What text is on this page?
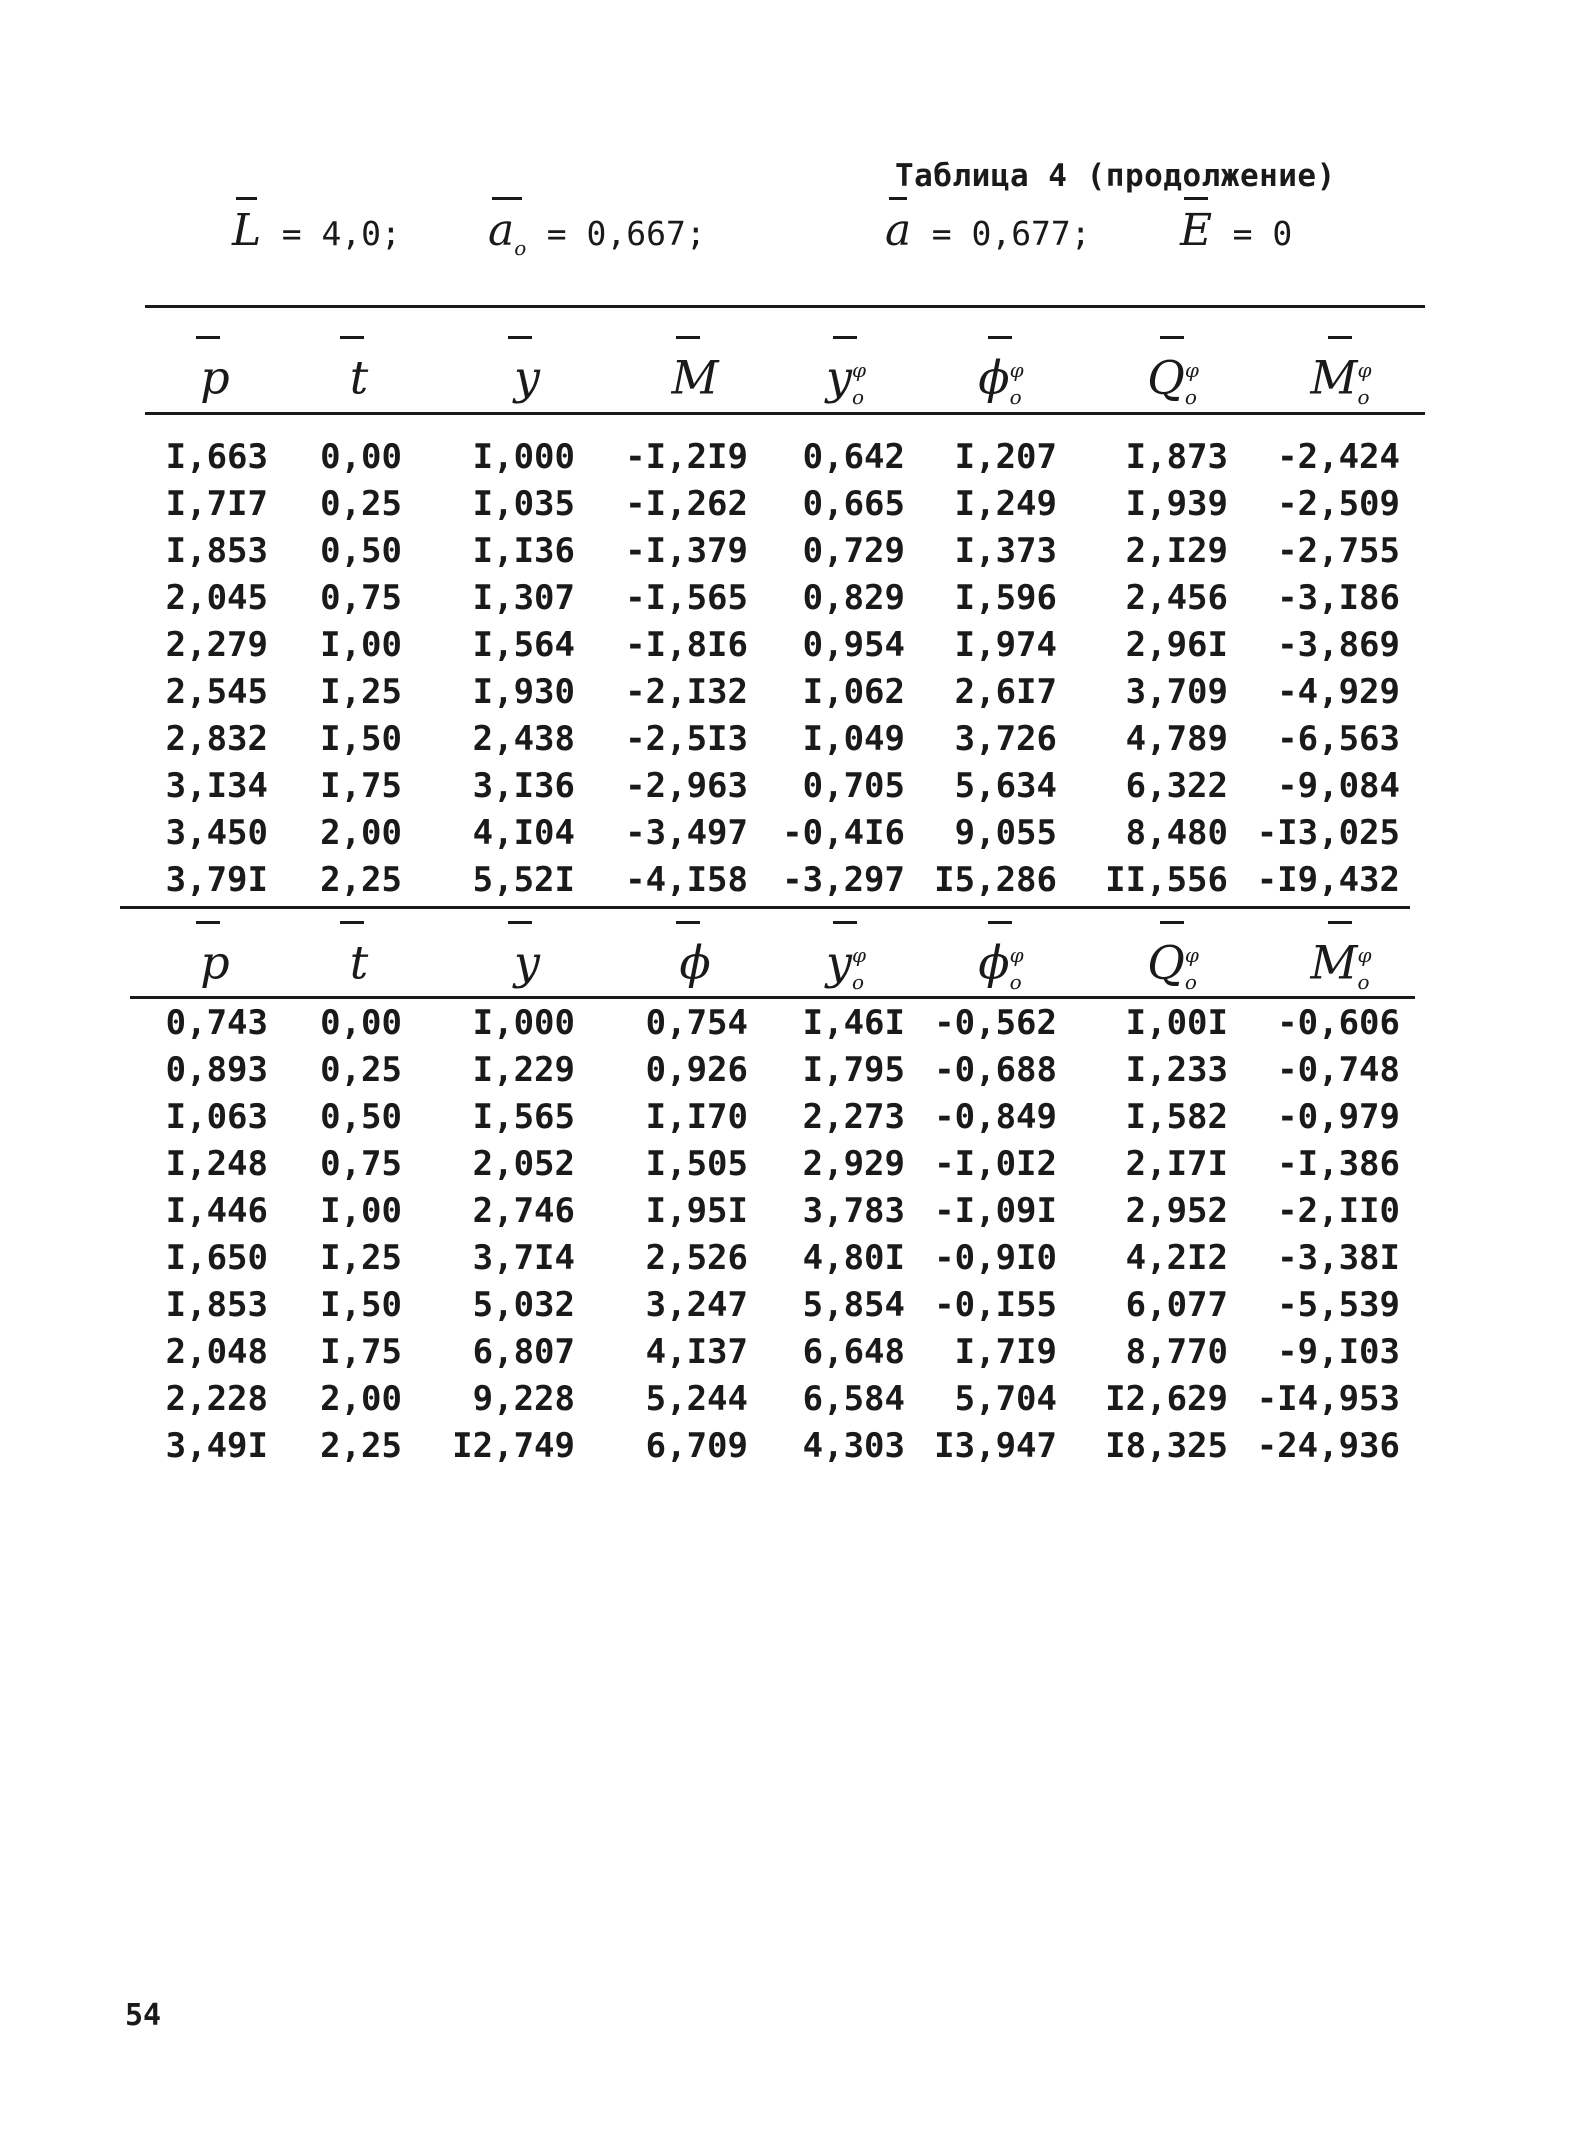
Таблица 4 (продолжение)
L = 4,0; $a_o = 0,667$;	a = 0,677; E = 0
p	t	y	M	$y^\varphi_o$	$\phi^\varphi_o$	$Q^\varphi_o$	$M^\varphi_o$
I,663 0,00 I,000 -I,2I9 0,642 I,207 I,873 -2,424
I,7I7 0,25 I,035 -I,262 0,665 I,249 I,939 -2,509
I,853 0,50 I,I36 -I,379 0,729 I,373 2,I29 -2,755
2,045 0,75 I,307 -I,565 0,829 I,596 2,456 -3,I86
2,279 I,00 I,564 -I,8I6 0,954 I,974 2,96I -3,869
2,545 I,25 I,930 -2,I32 I,062 2,6I7 3,709 -4,929
2,832 I,50 2,438 -2,5I3 I,049 3,726 4,789 -6,563
3,I34 I,75 3,I36 -2,963 0,705 5,634 6,322 -9,084
3,450 2,00 4,I04 -3,497 -0,4I6 9,055 8,480 -I3,025
3,79I 2,25 5,52I -4,I58 -3,297 I5,286 II,556 -I9,432
p	t	y	ϕ	$y^\varphi_o$	$\phi^\varphi_o$	$Q^\varphi_o$	$M^\varphi_o$
0,743 0,00 I,000 0,754 I,46I -0,562 I,00I -0,606
0,893 0,25 I,229 0,926 I,795 -0,688 I,233 -0,748
I,063 0,50 I,565 I,I70 2,273 -0,849 I,582 -0,979
I,248 0,75 2,052 I,505 2,929 -I,0I2 2,I7I -I,386
I,446 I,00 2,746 I,95I 3,783 -I,09I 2,952 -2,II0
I,650 I,25 3,7I4 2,526 4,80I -0,9I0 4,2I2 -3,38I
I,853 I,50 5,032 3,247 5,854 -0,I55 6,077 -5,539
2,048 I,75 6,807 4,I37 6,648 I,7I9 8,770 -9,I03
2,228 2,00 9,228 5,244 6,584 5,704 I2,629 -I4,953
3,49I 2,25 I2,749 6,709 4,303 I3,947 I8,325 -24,936
54
